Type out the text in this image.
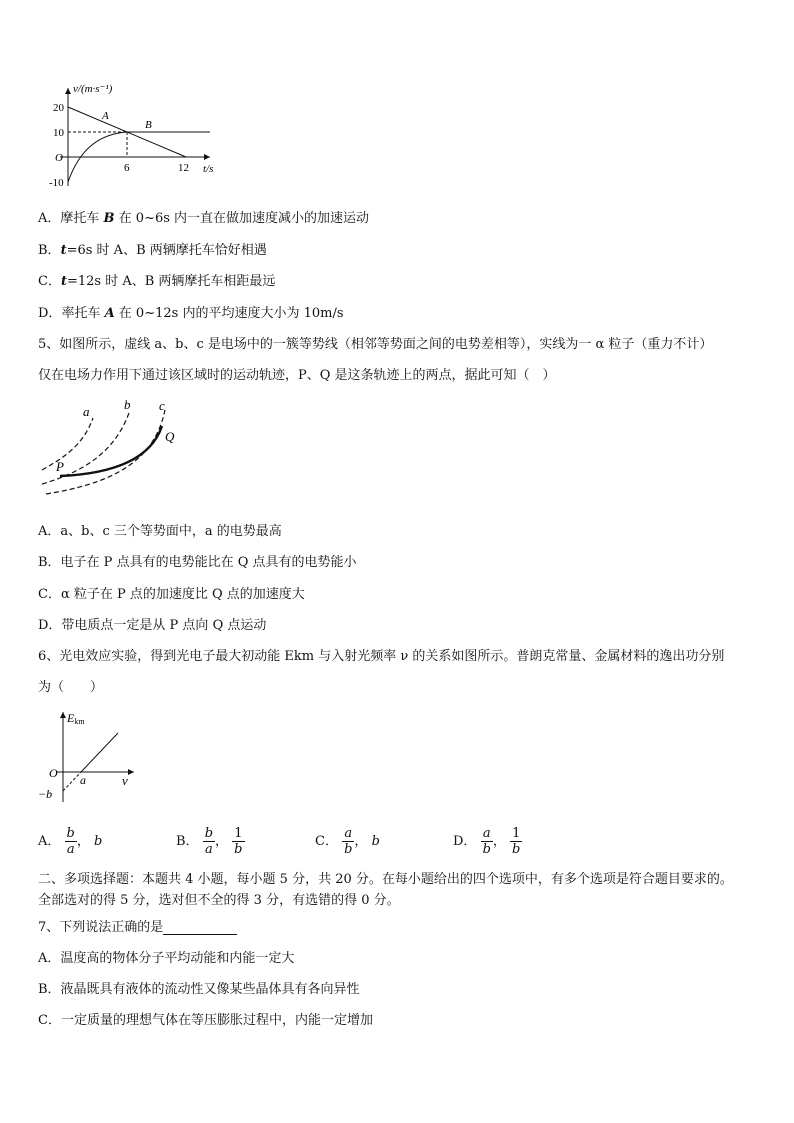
v/(m·s⁻¹)
t/s
20
10
O
-10
6	12
A
B
A．摩托车 B 在 0~6s 内一直在做加速度减小的加速运动
B．t=6s 时 A、B 两辆摩托车恰好相遇
C．t=12s 时 A、B 两辆摩托车相距最远
D．率托车 A 在 0~12s 内的平均速度大小为 10m/s
5、如图所示，虚线 a、b、c 是电场中的一簇等势线（相邻等势面之间的电势差相等），实线为一 α 粒子（重力不计）
仅在电场力作用下通过该区域时的运动轨迹，P、Q 是这条轨迹上的两点，据此可知（　）
a	b c
P
Q
A．a、b、c 三个等势面中，a 的电势最高
B．电子在 P 点具有的电势能比在 Q 点具有的电势能小
C．α 粒子在 P 点的加速度比 Q 点的加速度大
D．带电质点一定是从 P 点向 Q 点运动
6、光电效应实验，得到光电子最大初动能 Ekm 与入射光频率 ν 的关系如图所示。普朗克常量、金属材料的逸出功分别
为（　　）
Ekm
O a	ν
−b
A． $\frac{b}{a}$ ， b	B． $\frac{b}{a}$ ， $\frac{1}{b}$	C． $\frac{a}{b}$ ， b	D． $\frac{a}{b}$ ， $\frac{1}{b}$
二、多项选择题：本题共 4 小题，每小题 5 分，共 20 分。在每小题给出的四个选项中，有多个选项是符合题目要求的。
全部选对的得 5 分，选对但不全的得 3 分，有选错的得 0 分。
7、下列说法正确的是
A．温度高的物体分子平均动能和内能一定大
B．液晶既具有液体的流动性又像某些晶体具有各向异性
C．一定质量的理想气体在等压膨胀过程中，内能一定增加
